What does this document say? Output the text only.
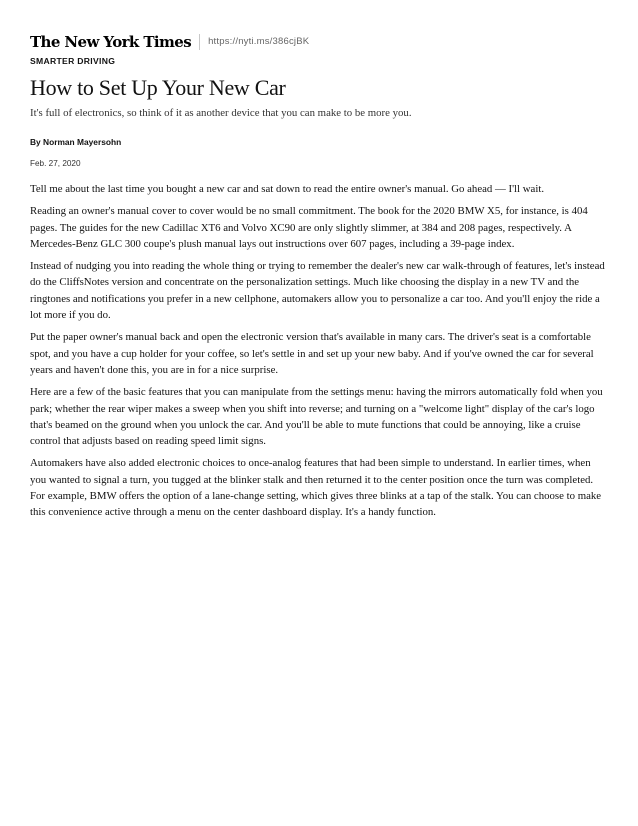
The New York Times https://nyti.ms/386cjBK
SMARTER DRIVING
How to Set Up Your New Car
It's full of electronics, so think of it as another device that you can make to be more you.
By Norman Mayersohn
Feb. 27, 2020

Tell me about the last time you bought a new car and sat down to read the entire owner's manual. Go ahead — I'll wait.

Reading an owner's manual cover to cover would be no small commitment. The book for the 2020 BMW X5, for instance, is 404 pages. The guides for the new Cadillac XT6 and Volvo XC90 are only slightly slimmer, at 384 and 208 pages, respectively. A Mercedes-Benz GLC 300 coupe's plush manual lays out instructions over 607 pages, including a 39-page index.

Instead of nudging you into reading the whole thing or trying to remember the dealer's new car walk-through of features, let's instead do the CliffsNotes version and concentrate on the personalization settings. Much like choosing the display in a new TV and the ringtones and notifications you prefer in a new cellphone, automakers allow you to personalize a car too. And you'll enjoy the ride a lot more if you do.

Put the paper owner's manual back and open the electronic version that's available in many cars. The driver's seat is a comfortable spot, and you have a cup holder for your coffee, so let's settle in and set up your new baby. And if you've owned the car for several years and haven't done this, you are in for a nice surprise.

Here are a few of the basic features that you can manipulate from the settings menu: having the mirrors automatically fold when you park; whether the rear wiper makes a sweep when you shift into reverse; and turning on a "welcome light" display of the car's logo that's beamed on the ground when you unlock the car. And you'll be able to mute functions that could be annoying, like a cruise control that adjusts based on reading speed limit signs.

Automakers have also added electronic choices to once-analog features that had been simple to understand. In earlier times, when you wanted to signal a turn, you tugged at the blinker stalk and then returned it to the center position once the turn was completed. For example, BMW offers the option of a lane-change setting, which gives three blinks at a tap of the stalk. You can choose to make this convenience active through a menu on the center dashboard display. It's a handy function.
